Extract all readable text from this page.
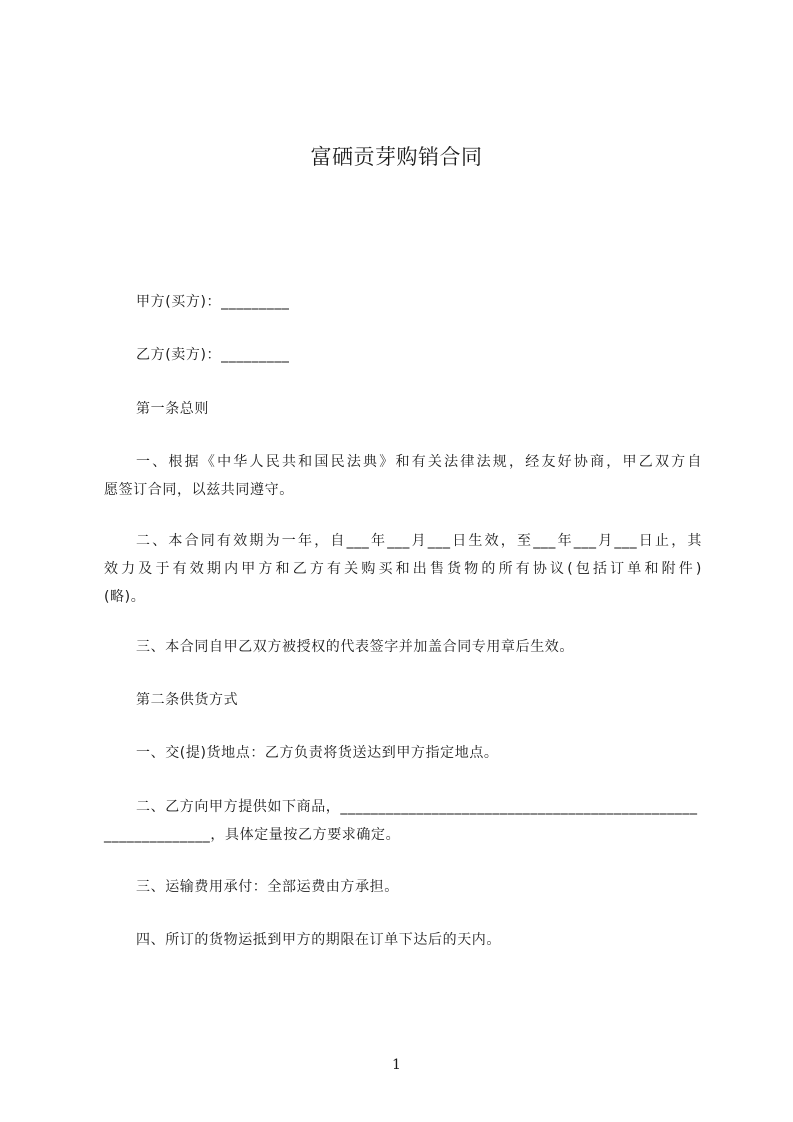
富硒贡芽购销合同
甲方(买方)：_________
乙方(卖方)：_________
第一条总则
一、根据《中华人民共和国民法典》和有关法律法规，经友好协商，甲乙双方自
愿签订合同，以兹共同遵守。
二、本合同有效期为一年，自___年___月___日生效，至___年___月___日止，其
效力及于有效期内甲方和乙方有关购买和出售货物的所有协议(包括订单和附件)
(略)。
三、本合同自甲乙双方被授权的代表签字并加盖合同专用章后生效。
第二条供货方式
一、交(提)货地点：乙方负责将货送达到甲方指定地点。
二、乙方向甲方提供如下商品，_______________________________________________
______________，具体定量按乙方要求确定。
三、运输费用承付：全部运费由方承担。
四、所订的货物运抵到甲方的期限在订单下达后的天内。
1
